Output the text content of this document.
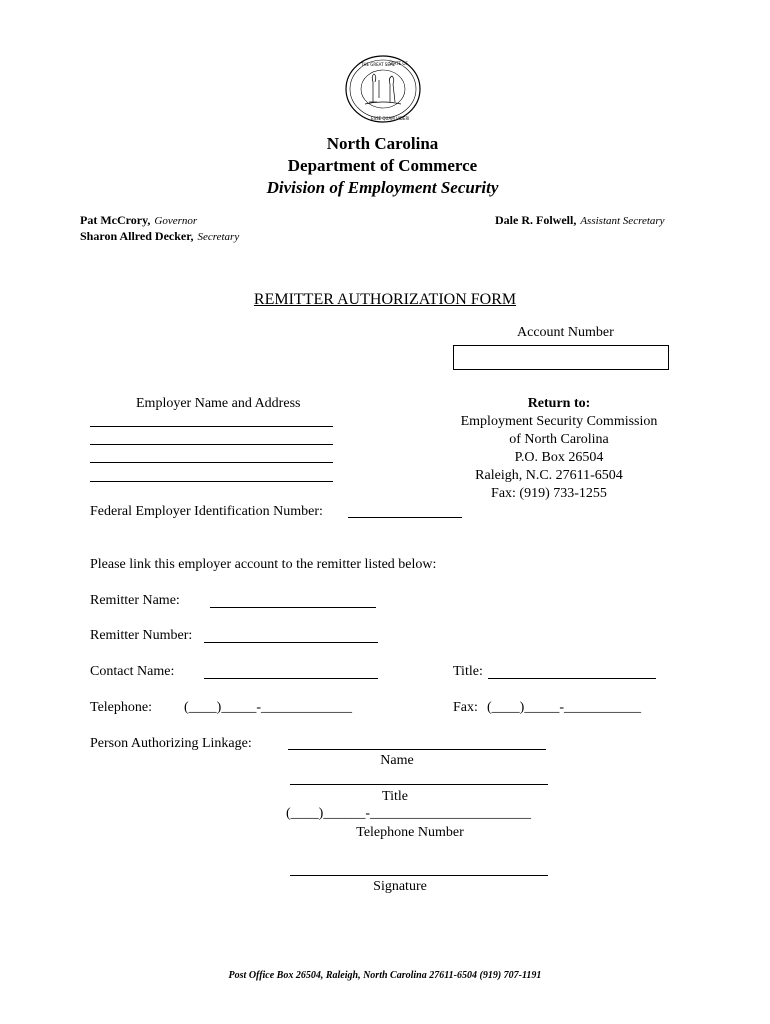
THE GREAT SEAL
STATE OF
ESSE QUAM VIDERI
North Carolina
Department of Commerce
Division of Employment Security
Pat McCrory, Governor
Sharon Allred Decker, Secretary
Dale R. Folwell, Assistant Secretary
REMITTER AUTHORIZATION FORM
Account Number
Employer Name and Address	Return to:
Employment Security Commission
of North Carolina
P.O. Box 26504
Raleigh, N.C. 27611-6504
Fax: (919) 733-1255
Federal Employer Identification Number:
Please link this employer account to the remitter listed below:
Remitter Name:
Remitter Number:
Contact Name:	Title:
Telephone: (____)_____-_____________	Fax: (____)_____-___________
Person Authorizing Linkage:
Name
Title
(____)______-_______________________
Telephone Number
Signature
Post Office Box 26504, Raleigh, North Carolina 27611-6504 (919) 707-1191
